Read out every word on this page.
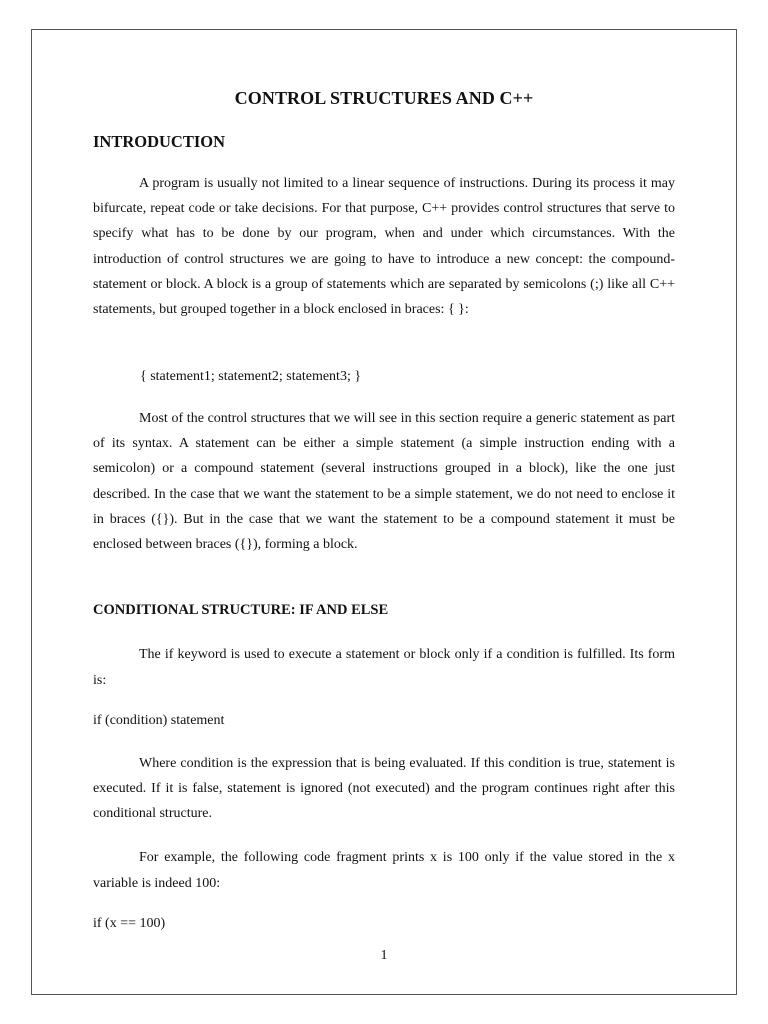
CONTROL STRUCTURES AND C++
INTRODUCTION

A program is usually not limited to a linear sequence of instructions. During its process it may bifurcate, repeat code or take decisions. For that purpose, C++ provides control structures that serve to specify what has to be done by our program, when and under which circumstances. With the introduction of control structures we are going to have to introduce a new concept: the compound-statement or block. A block is a group of statements which are separated by semicolons (;) like all C++ statements, but grouped together in a block enclosed in braces: { }:

{ statement1; statement2; statement3; }

Most of the control structures that we will see in this section require a generic statement as part of its syntax. A statement can be either a simple statement (a simple instruction ending with a semicolon) or a compound statement (several instructions grouped in a block), like the one just described. In the case that we want the statement to be a simple statement, we do not need to enclose it in braces ({}). But in the case that we want the statement to be a compound statement it must be enclosed between braces ({}), forming a block.

CONDITIONAL STRUCTURE: IF AND ELSE

The if keyword is used to execute a statement or block only if a condition is fulfilled. Its form is:

if (condition) statement

Where condition is the expression that is being evaluated. If this condition is true, statement is executed. If it is false, statement is ignored (not executed) and the program continues right after this conditional structure.

For example, the following code fragment prints x is 100 only if the value stored in the x variable is indeed 100:

if (x == 100)

1
